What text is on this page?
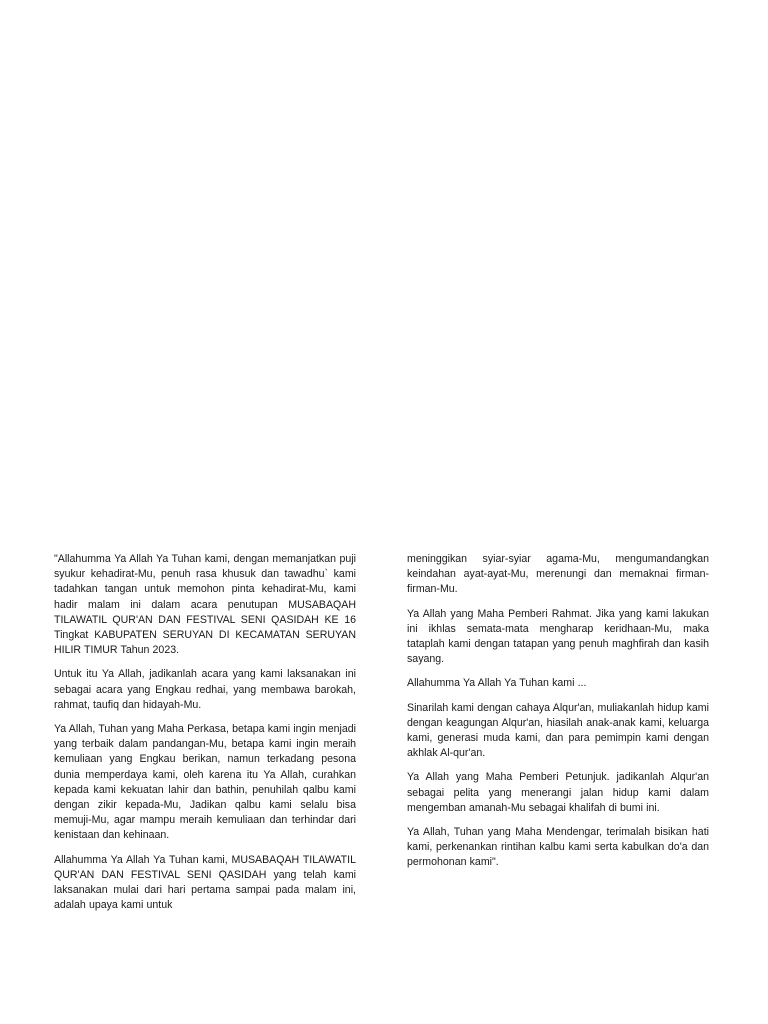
"Allahumma Ya Allah Ya Tuhan kami, dengan memanjatkan puji syukur kehadirat-Mu, penuh rasa khusuk dan tawadhu` kami tadahkan tangan untuk memohon pinta kehadirat-Mu, kami hadir malam ini dalam acara penutupan MUSABAQAH TILAWATIL QUR'AN DAN FESTIVAL SENI QASIDAH KE 16 Tingkat KABUPATEN SERUYAN DI KECAMATAN SERUYAN HILIR TIMUR Tahun 2023.

Untuk itu Ya Allah, jadikanlah acara yang kami laksanakan ini sebagai acara yang Engkau redhai, yang membawa barokah, rahmat, taufiq dan hidayah-Mu.

Ya Allah, Tuhan yang Maha Perkasa, betapa kami ingin menjadi yang terbaik dalam pandangan-Mu, betapa kami ingin meraih kemuliaan yang Engkau berikan, namun terkadang pesona dunia memperdaya kami, oleh karena itu Ya Allah, curahkan kepada kami kekuatan lahir dan bathin, penuhilah qalbu kami dengan zikir kepada-Mu, Jadikan qalbu kami selalu bisa memuji-Mu, agar mampu meraih kemuliaan dan terhindar dari kenistaan dan kehinaan.

Allahumma Ya Allah Ya Tuhan kami, MUSABAQAH TILAWATIL QUR'AN DAN FESTIVAL SENI QASIDAH yang telah kami laksanakan mulai dari hari pertama sampai pada malam ini, adalah upaya kami untuk

meninggikan syiar-syiar agama-Mu, mengumandangkan keindahan ayat-ayat-Mu, merenungi dan memaknai firman-firman-Mu.

Ya Allah yang Maha Pemberi Rahmat. Jika yang kami lakukan ini ikhlas semata-mata mengharap keridhaan-Mu, maka tataplah kami dengan tatapan yang penuh maghfirah dan kasih sayang.

Allahumma Ya Allah Ya Tuhan kami ...

Sinarilah kami dengan cahaya Alqur'an, muliakanlah hidup kami dengan keagungan Alqur'an, hiasilah anak-anak kami, keluarga kami, generasi muda kami, dan para pemimpin kami dengan akhlak Al-qur'an.

Ya Allah yang Maha Pemberi Petunjuk. jadikanlah Alqur'an sebagai pelita yang menerangi jalan hidup kami dalam mengemban amanah-Mu sebagai khalifah di bumi ini.

Ya Allah, Tuhan yang Maha Mendengar, terimalah bisikan hati kami, perkenankan rintihan kalbu kami serta kabulkan do'a dan permohonan kami".
